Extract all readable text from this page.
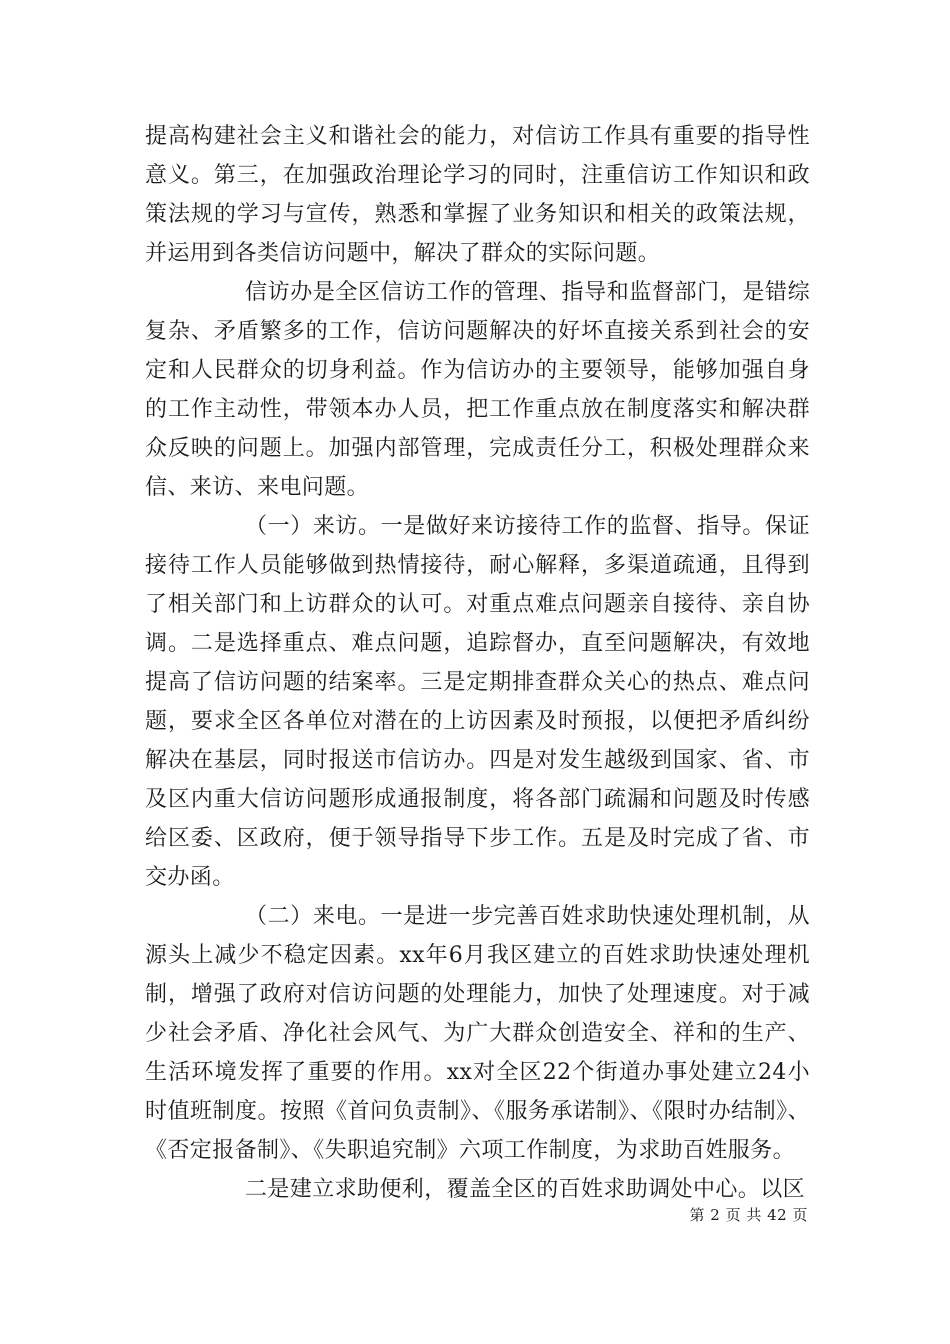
提高构建社会主义和谐社会的能力，对信访工作具有重要的指导性意义。第三，在加强政治理论学习的同时，注重信访工作知识和政策法规的学习与宣传，熟悉和掌握了业务知识和相关的政策法规，并运用到各类信访问题中，解决了群众的实际问题。

信访办是全区信访工作的管理、指导和监督部门，是错综复杂、矛盾繁多的工作，信访问题解决的好坏直接关系到社会的安定和人民群众的切身利益。作为信访办的主要领导，能够加强自身的工作主动性，带领本办人员，把工作重点放在制度落实和解决群众反映的问题上。加强内部管理，完成责任分工，积极处理群众来信、来访、来电问题。

（一）来访。一是做好来访接待工作的监督、指导。保证接待工作人员能够做到热情接待，耐心解释，多渠道疏通，且得到了相关部门和上访群众的认可。对重点难点问题亲自接待、亲自协调。二是选择重点、难点问题，追踪督办，直至问题解决，有效地提高了信访问题的结案率。三是定期排查群众关心的热点、难点问题，要求全区各单位对潜在的上访因素及时预报，以便把矛盾纠纷解决在基层，同时报送市信访办。四是对发生越级到国家、省、市及区内重大信访问题形成通报制度，将各部门疏漏和问题及时传感给区委、区政府，便于领导指导下步工作。五是及时完成了省、市交办函。

（二）来电。一是进一步完善百姓求助快速处理机制，从源头上减少不稳定因素。xx年6月我区建立的百姓求助快速处理机制，增强了政府对信访问题的处理能力，加快了处理速度。对于减少社会矛盾、净化社会风气、为广大群众创造安全、祥和的生产、生活环境发挥了重要的作用。xx对全区22个街道办事处建立24小时值班制度。按照《首问负责制》、《服务承诺制》、《限时办结制》、《否定报备制》、《失职追究制》六项工作制度，为求助百姓服务。

二是建立求助便利，覆盖全区的百姓求助调处中心。以区

第 2 页 共 42 页
